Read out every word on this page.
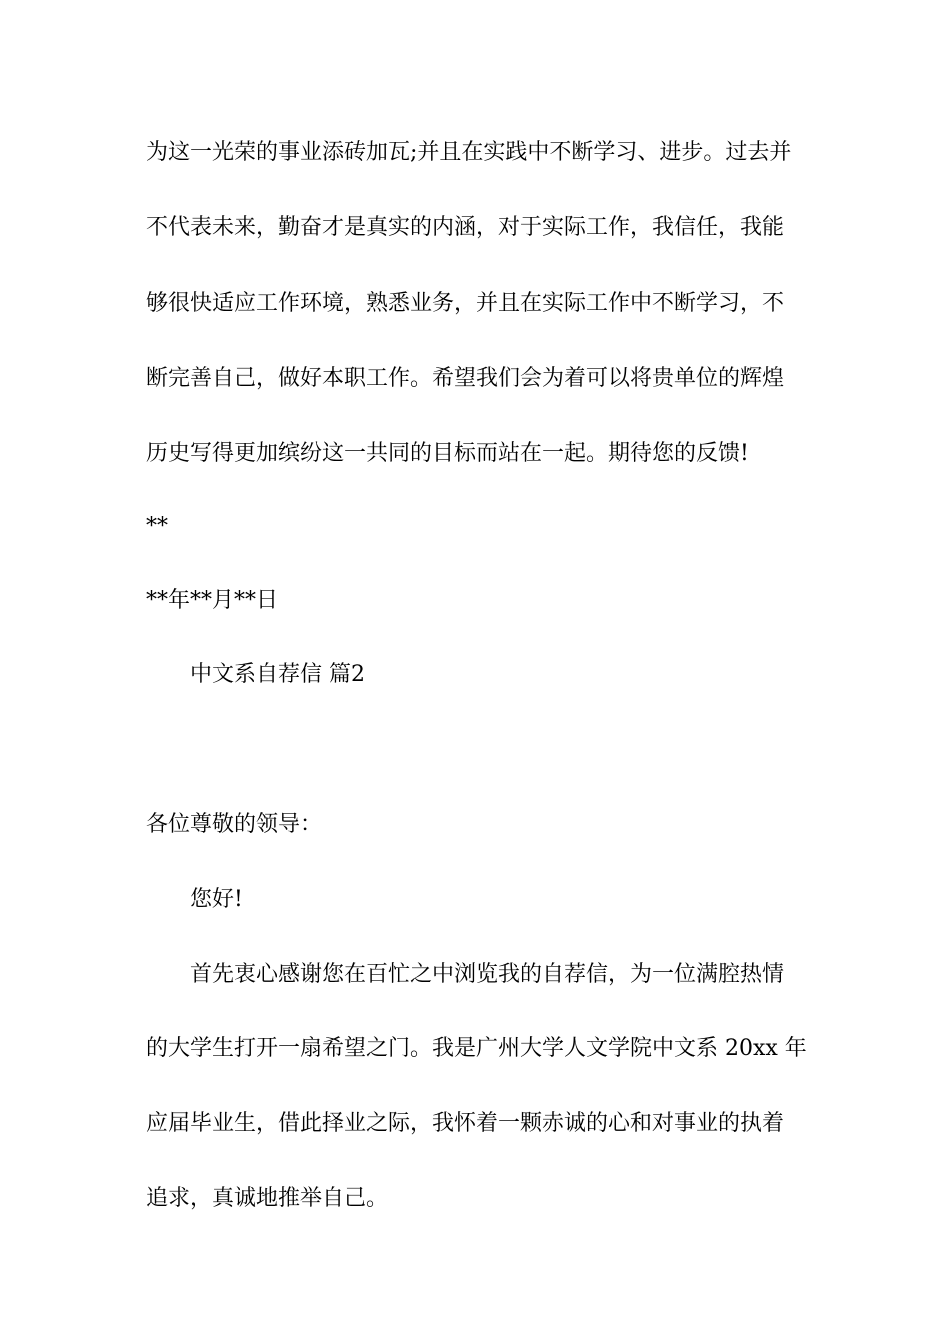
为这一光荣的事业添砖加瓦;并且在实践中不断学习、进步。过去并
不代表未来，勤奋才是真实的内涵，对于实际工作，我信任，我能
够很快适应工作环境，熟悉业务，并且在实际工作中不断学习，不
断完善自己，做好本职工作。希望我们会为着可以将贵单位的辉煌
历史写得更加缤纷这一共同的目标而站在一起。期待您的反馈!
**
**年**月**日
中文系自荐信 篇2
各位尊敬的领导：
您好!
首先衷心感谢您在百忙之中浏览我的自荐信，为一位满腔热情
的大学生打开一扇希望之门。我是广州大学人文学院中文系 20xx 年
应届毕业生，借此择业之际，我怀着一颗赤诚的心和对事业的执着
追求，真诚地推举自己。
